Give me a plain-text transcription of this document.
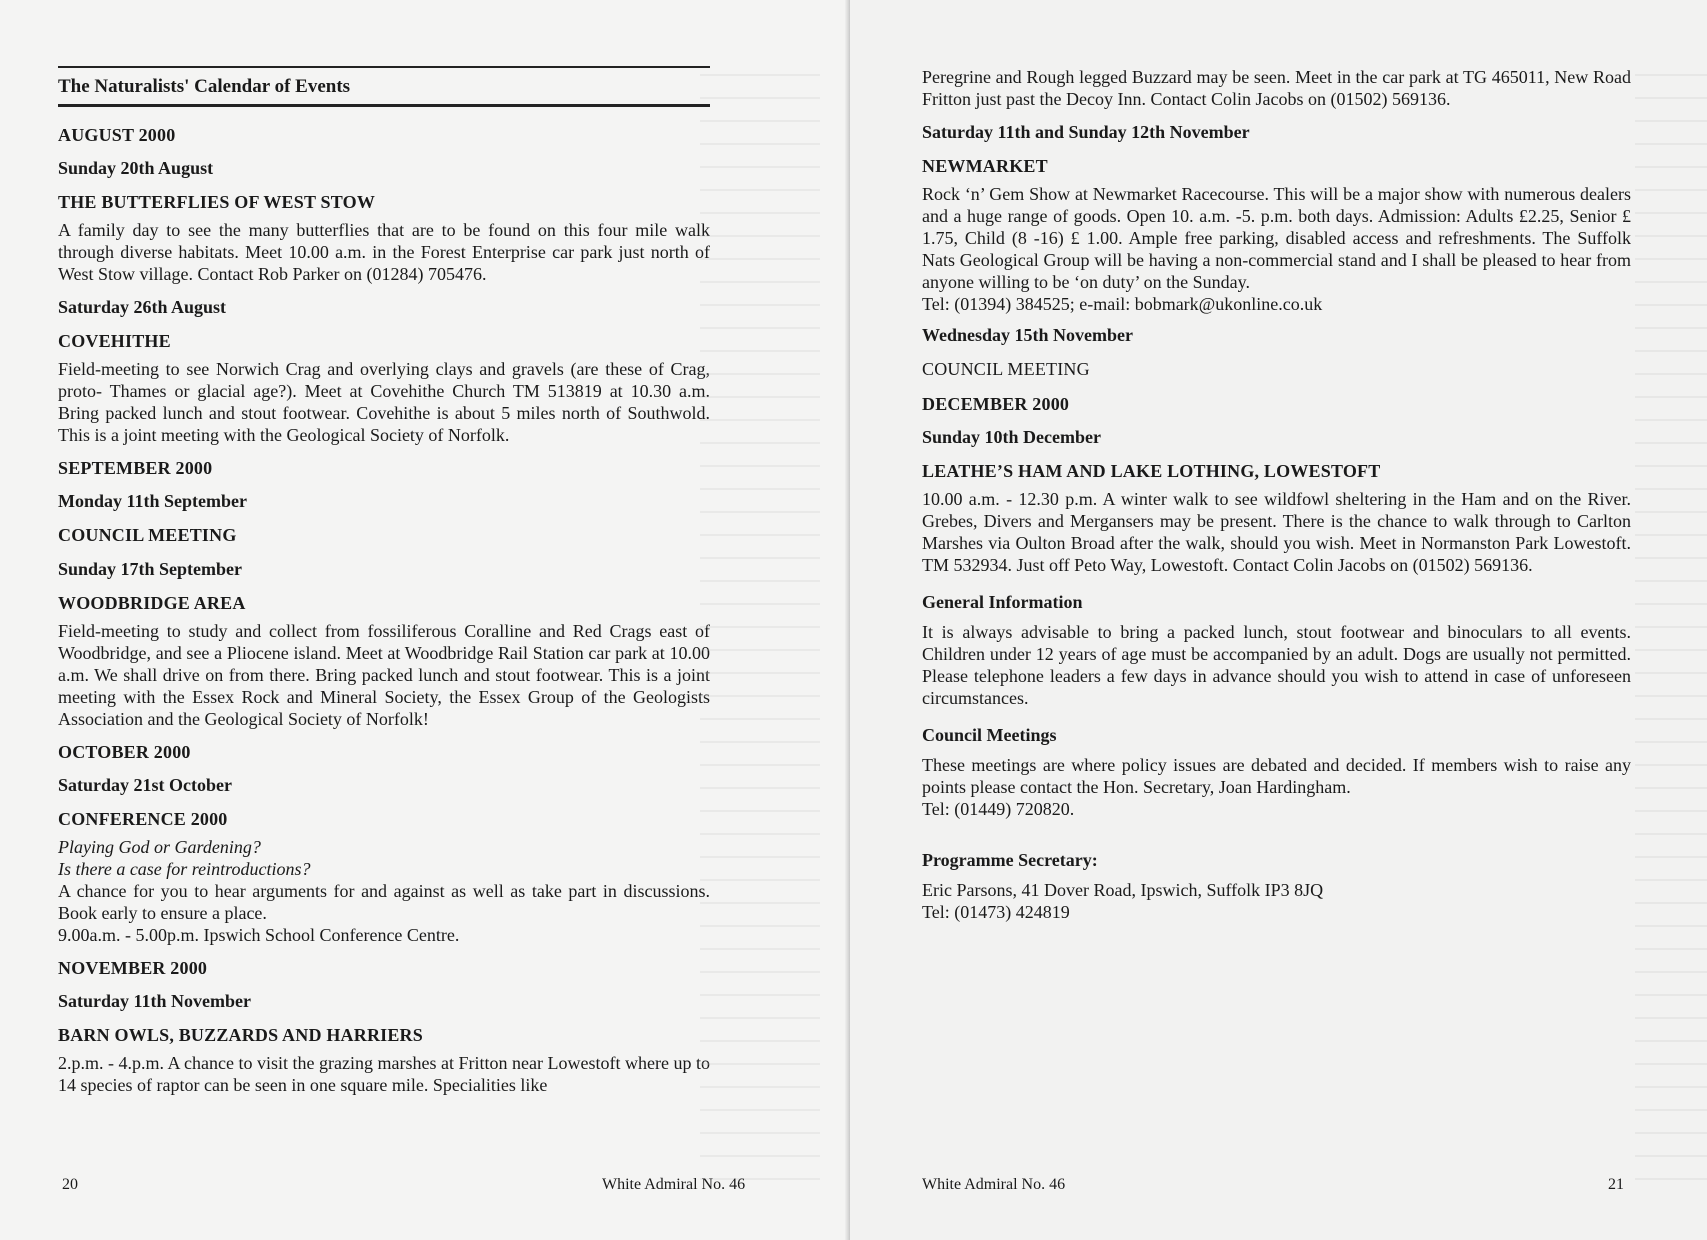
The Naturalists' Calendar of Events
AUGUST 2000
Sunday 20th August
THE BUTTERFLIES OF WEST STOW

A family day to see the many butterflies that are to be found on this four mile walk through diverse habitats. Meet 10.00 a.m. in the Forest Enterprise car park just north of West Stow village. Contact Rob Parker on (01284) 705476.

Saturday 26th August
COVEHITHE

Field-meeting to see Norwich Crag and overlying clays and gravels (are these of Crag, proto- Thames or glacial age?). Meet at Covehithe Church TM 513819 at 10.30 a.m. Bring packed lunch and stout footwear. Covehithe is about 5 miles north of Southwold. This is a joint meeting with the Geological Society of Norfolk.

SEPTEMBER 2000
Monday 11th September
COUNCIL MEETING
Sunday 17th September
WOODBRIDGE AREA

Field-meeting to study and collect from fossiliferous Coralline and Red Crags east of Woodbridge, and see a Pliocene island. Meet at Woodbridge Rail Station car park at 10.00 a.m. We shall drive on from there. Bring packed lunch and stout footwear. This is a joint meeting with the Essex Rock and Mineral Society, the Essex Group of the Geologists Association and the Geological Society of Norfolk!

OCTOBER 2000
Saturday 21st October
CONFERENCE 2000

Playing God or Gardening?
Is there a case for reintroductions?
A chance for you to hear arguments for and against as well as take part in discussions. Book early to ensure a place.
9.00a.m. - 5.00p.m. Ipswich School Conference Centre.

NOVEMBER 2000
Saturday 11th November
BARN OWLS, BUZZARDS AND HARRIERS

2.p.m. - 4.p.m. A chance to visit the grazing marshes at Fritton near Lowestoft where up to 14 species of raptor can be seen in one square mile. Specialities like

20	White Admiral No. 46

Peregrine and Rough legged Buzzard may be seen. Meet in the car park at TG 465011, New Road Fritton just past the Decoy Inn. Contact Colin Jacobs on (01502) 569136.

Saturday 11th and Sunday 12th November
NEWMARKET

Rock ‘n’ Gem Show at Newmarket Racecourse. This will be a major show with numerous dealers and a huge range of goods. Open 10. a.m. -5. p.m. both days. Admission: Adults £2.25, Senior £ 1.75, Child (8 -16) £ 1.00. Ample free parking, disabled access and refreshments. The Suffolk Nats Geological Group will be having a non-commercial stand and I shall be pleased to hear from anyone willing to be ‘on duty’ on the Sunday.
Tel: (01394) 384525; e-mail: bobmark@ukonline.co.uk

Wednesday 15th November
COUNCIL MEETING
DECEMBER 2000
Sunday 10th December
LEATHE’S HAM AND LAKE LOTHING, LOWESTOFT

10.00 a.m. - 12.30 p.m. A winter walk to see wildfowl sheltering in the Ham and on the River. Grebes, Divers and Mergansers may be present. There is the chance to walk through to Carlton Marshes via Oulton Broad after the walk, should you wish. Meet in Normanston Park Lowestoft. TM 532934. Just off Peto Way, Lowestoft. Contact Colin Jacobs on (01502) 569136.

General Information

It is always advisable to bring a packed lunch, stout footwear and binoculars to all events. Children under 12 years of age must be accompanied by an adult. Dogs are usually not permitted. Please telephone leaders a few days in advance should you wish to attend in case of unforeseen circumstances.

Council Meetings

These meetings are where policy issues are debated and decided. If members wish to raise any points please contact the Hon. Secretary, Joan Hardingham.
Tel: (01449) 720820.

Programme Secretary:

Eric Parsons, 41 Dover Road, Ipswich, Suffolk IP3 8JQ
Tel: (01473) 424819

White Admiral No. 46	21
